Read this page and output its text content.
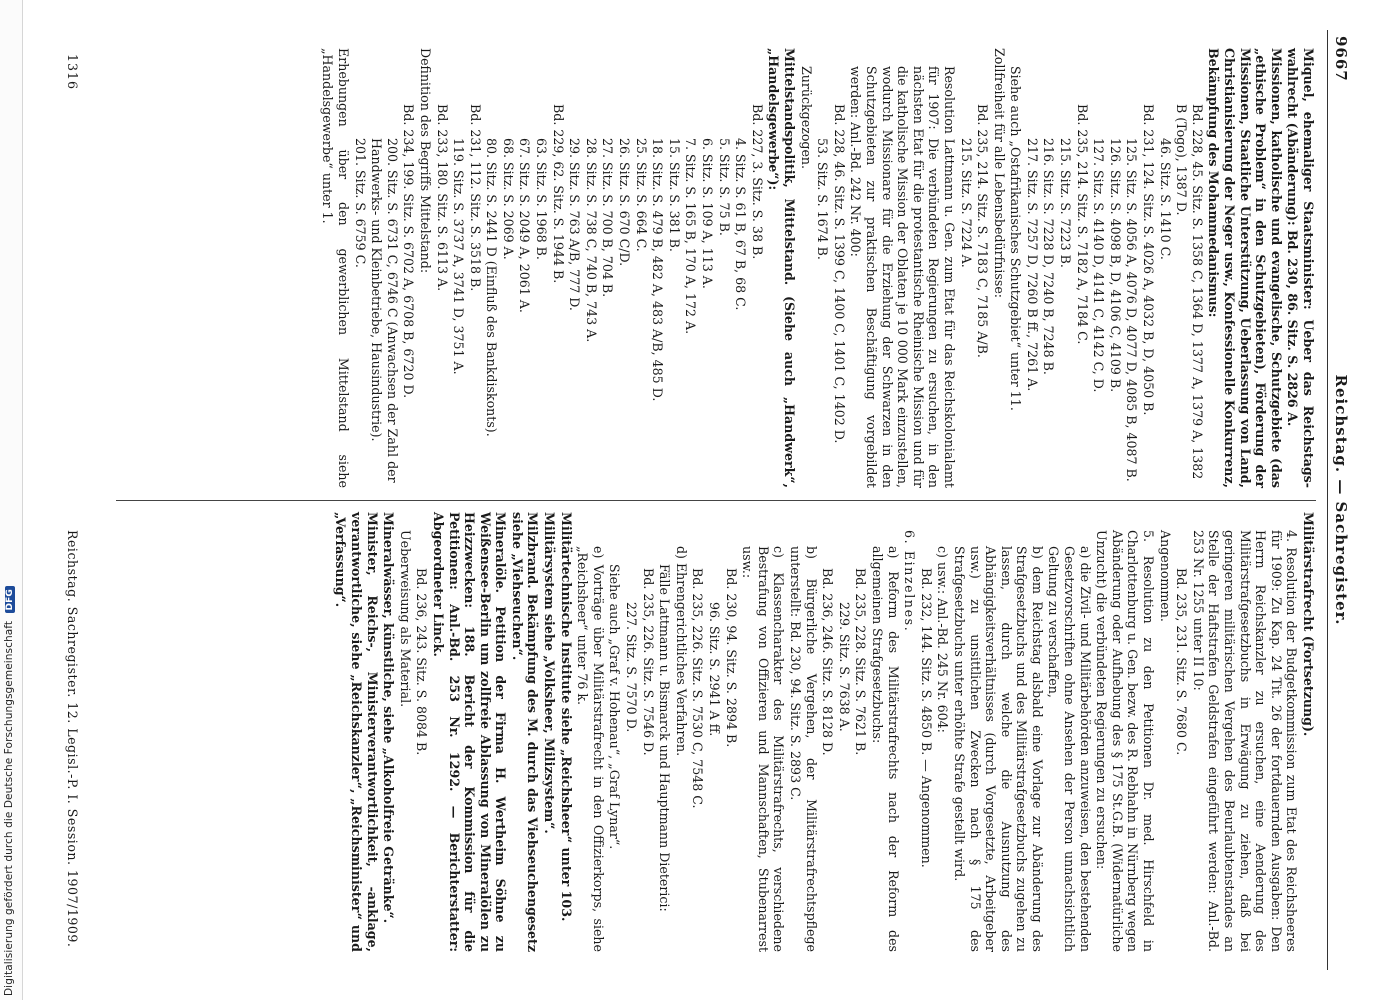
Digitalisierung gefördert durch die Deutsche Forschungsgemeinschaft DFG
9667
Reichstag. — Sachregister.
Miquel, ehemaliger Staatsminister: Ueber das Reichstags-wahlrecht (Abänderung): Bd. 230, 86. Sitz. S. 2826 A.
Missionen, katholische und evangelische, Schutzgebiete (das „ethische Problem“ in den Schutzgebieten), Förderung der Missionen, Staatliche Unterstützung, Ueberlassung von Land, Christianisierung der Neger usw., Konfessionelle Konkurrenz, Bekämpfung des Mohammedanismus:
Bd. 228, 45. Sitz. S. 1358 C, 1364 D, 1377 A, 1379 A, 1382 B (Togo), 1387 D.
46. Sitz. S. 1410 C.
Bd. 231, 124. Sitz. S. 4026 A, 4032 B, D, 4050 B.
125. Sitz. S. 4056 A, 4076 D, 4077 D, 4085 B, 4087 B.
126. Sitz. S. 4098 B, D, 4106 C, 4109 B.
127. Sitz. S. 4140 D, 4141 C, 4142 C, D.
Bd. 235, 214. Sitz. S. 7182 A, 7184 C.
215. Sitz. S. 7223 B.
216. Sitz. S. 7228 D, 7240 B, 7248 B.
217. Sitz. S. 7257 D, 7260 B ff., 7261 A.
Siehe auch „Ostafrikanisches Schutzgebiet“ unter 11.
Zollfreiheit für alle Lebensbedürfnisse:
Bd. 235, 214. Sitz. S. 7183 C, 7185 A/B.
215. Sitz. S. 7224 A.
Resolution Lattmann u. Gen. zum Etat für das Reichskolonialamt für 1907: Die verbündeten Regierungen zu ersuchen, in den nächsten Etat für die protestantische Rheinische Mission und für die katholische Mission der Oblaten je 10 000 Mark einzustellen, wodurch Missionare für die Erziehung der Schwarzen in den Schutzgebieten zur praktischen Beschäftigung vorgebildet werden: Anl.-Bd. 242 Nr. 400:
Bd. 228, 46. Sitz. S. 1399 C, 1400 C, 1401 C, 1402 D.
53. Sitz. S. 1674 B.
Zurückgezogen.
Mittelstandspolitik, Mittelstand. (Siehe auch „Handwerk“, „Handelsgewerbe“):
Bd. 227, 3. Sitz. S. 38 B.
4. Sitz. S. 61 B, 67 B, 68 C.
5. Sitz. S. 75 B.
6. Sitz. S. 109 A, 113 A.
7. Sitz. S. 165 B, 170 A, 172 A.
15. Sitz. S. 381 B.
18. Sitz. S. 479 B, 482 A, 483 A/B, 485 D.
25. Sitz. S. 664 C.
26. Sitz. S. 670 C/D.
27. Sitz. S. 700 B, 704 B.
28. Sitz. S. 738 C, 740 B, 743 A.
29. Sitz. S. 763 A/B, 777 D.
Bd. 229, 62. Sitz. S. 1944 B.
63. Sitz. S. 1968 B.
67. Sitz. S. 2049 A, 2061 A.
68. Sitz. S. 2069 A.
80. Sitz. S. 2441 D (Einfluß des Bankdiskonts).
Bd. 231, 112. Sitz. S. 3518 B.
119. Sitz. S. 3737 A, 3741 D, 3751 A.
Bd. 233, 180. Sitz. S. 6113 A.
Definition des Begriffs Mittelstand:
Bd. 234, 199. Sitz. S. 6702 A, 6708 B, 6720 D.
200. Sitz. S. 6731 C, 6746 C (Anwachsen der Zahl der Handwerks- und Kleinbetriebe, Hausindustrie).
201. Sitz. S. 6759 C.
Erhebungen über den gewerblichen Mittelstand siehe „Handelsgewerbe“ unter 1.
Militärstrafrecht (Fortsetzung).
4. Resolution der Budgetkommission zum Etat des Reichsheeres für 1909: Zu Kap. 24 Tit. 26 der fortdauernden Ausgaben: Den Herrn Reichskanzler zu ersuchen, eine Aenderung des Militärstrafgesetzbuchs in Erwägung zu ziehen, daß bei geringeren militärischen Vergehen des Beurlaubtenstandes an Stelle der Haftstrafen Geldstrafen eingeführt werden: Anl.-Bd. 253 Nr. 1255 unter II 10:
Bd. 235, 231. Sitz. S. 7680 C.
Angenommen.
5. Resolution zu den Petitionen Dr. med. Hirschfeld in Charlottenburg u. Gen. bezw. des R. Rebhahn in Nürnberg wegen Abänderung oder Aufhebung des § 175 St.G.B. (Widernatürliche Unzucht) die verbündeten Regierungen zu ersuchen:
a) die Zivil- und Militärbehörden anzuweisen, den bestehenden Gesetzvorschriften ohne Ansehen der Person unnachsichtlich Geltung zu verschaffen,
b) dem Reichstag alsbald eine Vorlage zur Abänderung des Strafgesetzbuchs und des Militärstrafgesetzbuchs zugehen zu lassen, durch welche die Ausnutzung des Abhängigkeitsverhältnisses (durch Vorgesetzte, Arbeitgeber usw.) zu unsittlichen Zwecken nach § 175 des Strafgesetzbuchs unter erhöhte Strafe gestellt wird.
c) usw.: Anl.-Bd. 245 Nr. 604:
Bd. 232, 144. Sitz. S. 4850 B. — Angenommen.
6. Einzelnes.
a) Reform des Militärstrafrechts nach der Reform des allgemeinen Strafgesetzbuchs:
Bd. 235, 228. Sitz. S. 7621 B.
229. Sitz. S. 7638 A.
Bd. 236, 246. Sitz. S. 8128 D.
b) Bürgerliche Vergehen, der Militärstrafrechtspflege unterstellt: Bd. 230, 94. Sitz. S. 2893 C.
c) Klassencharakter des Militärstrafrechts, verschiedene Bestrafung von Offizieren und Mannschaften, Stubenarrest usw.:
Bd. 230, 94. Sitz. S. 2894 B.
96. Sitz. S. 2941 A ff.
Bd. 235, 226. Sitz. S. 7530 C, 7548 C.
d) Ehrengerichtliches Verfahren.
Fälle Lattmann u. Bismarck und Hauptmann Dieterici:
Bd. 235, 226. Sitz. S. 7546 D.
227. Sitz. S. 7570 D.
Siehe auch „Graf v. Hohenau“, „Graf Lynar“.
e) Vorträge über Militärstrafrecht in den Offizierkorps, siehe „Reichsheer“ unter 76 k.
Militärtechnische Institute siehe „Reichsheer“ unter 103.
Militärsystem siehe „Volksheer, Milizsystem“.
Milzbrand. Bekämpfung des M. durch das Viehseuchengesetz siehe „Viehseuchen“.
Mineralöle. Petition der Firma H. Wertheim Söhne zu Weißensee-Berlin um zollfreie Ablassung von Mineralölen zu Heizzwecken: 188. Bericht der Kommission für die Petitionen: Anl.-Bd. 253 Nr. 1292. — Berichterstatter: Abgeordneter Linck.
Bd. 236, 243. Sitz. S. 8084 B.
Ueberweisung als Material.
Mineralwässer, künstliche, siehe „Alkoholfreie Getränke“.
Minister, Reichs-, Ministerverantwortlichkeit, -anklage, verantwortliche, siehe „Reichskanzler“, „Reichsminister“ und „Verfassung“.
Reichstag. Sachregister. 12. Legisl.-P. I. Session. 1907/1909.
1316
